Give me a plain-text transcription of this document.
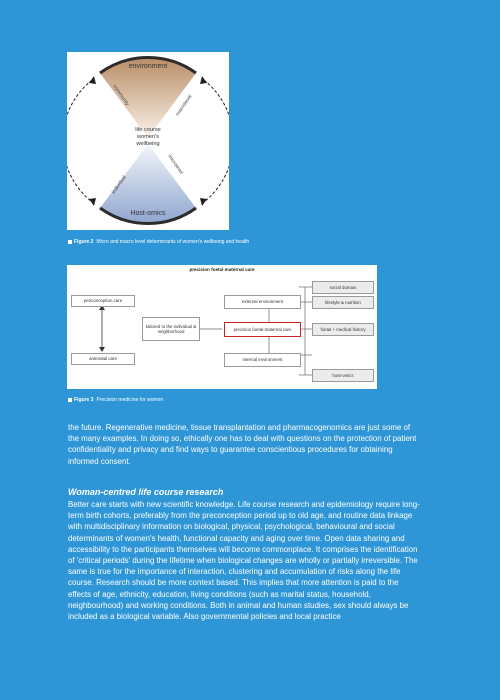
environment
community	macrolevel
life course
women's
wellbeing
individual
microlevel
Host-omics
Figure 2 Micro and macro level determinants of women's wellbeing and health
precision foetal maternal care
periconception care
antenatal care
tailored to the individual & neighborhood
external environment
precision foetal-maternal care
internal environment
social domain
lifestyle & nutrition
foetal + medical history
host-omics
Figure 3 Precision medicine for women

the future. Regenerative medicine, tissue transplantation and pharmacogenomics are just some of the many examples. In doing so, ethically one has to deal with questions on the protection of patient confidentiality and privacy and find ways to guarantee conscientious procedures for obtaining informed consent.

Woman-centred life course research

Better care starts with new scientific knowledge. Life course research and epidemiology require long-term birth cohorts, preferably from the preconception period up to old age, and routine data linkage with multidisciplinary information on biological, physical, psychological, behavioural and social determinants of women's health, functional capacity and aging over time. Open data sharing and accessibility to the participants themselves will become commonplace. It comprises the identification of 'critical periods' during the lifetime when biological changes are wholly or partially irreversible. The same is true for the importance of interaction, clustering and accumulation of risks along the life course. Research should be more context based. This implies that more attention is paid to the effects of age, ethnicity, education, living conditions (such as marital status, household, neighbourhood) and working conditions. Both in animal and human studies, sex should always be included as a biological variable. Also governmental policies and local practice
